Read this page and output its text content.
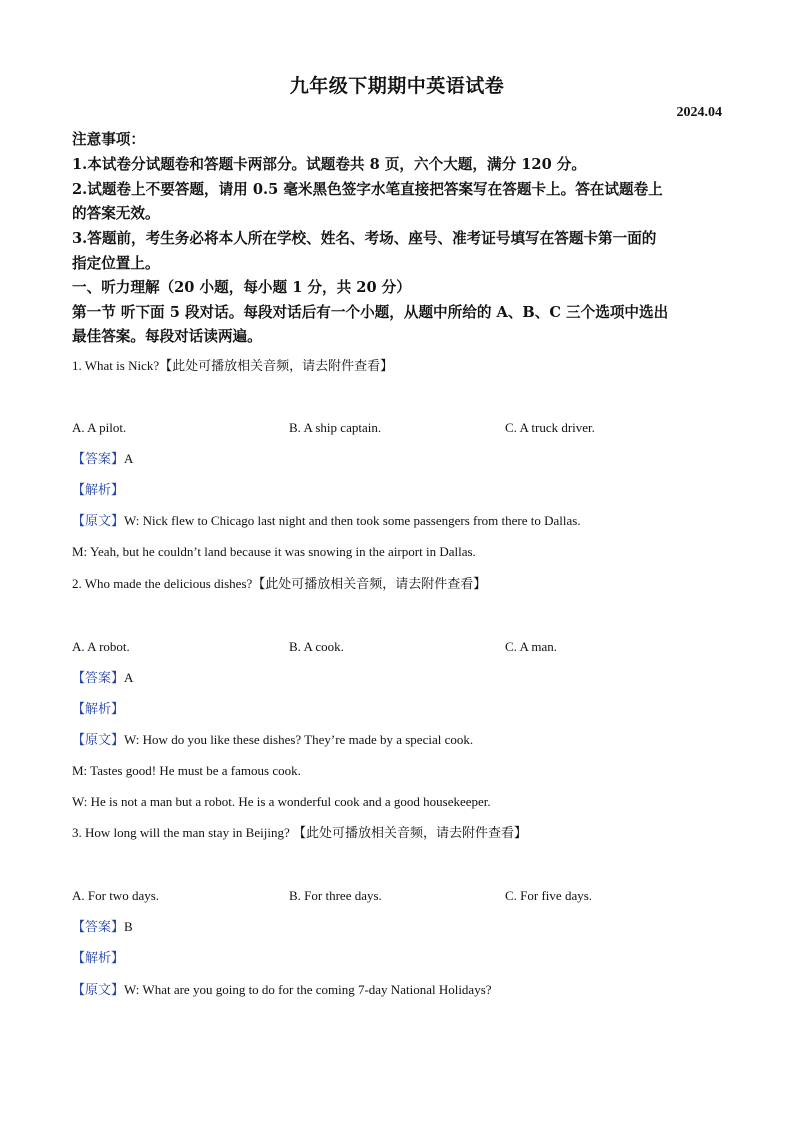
九年级下期期中英语试卷
2024.04
注意事项：
1.本试卷分试题卷和答题卡两部分。试题卷共 8 页，六个大题，满分 120 分。
2.试题卷上不要答题，请用 0.5 毫米黑色签字水笔直接把答案写在答题卡上。答在试题卷上
的答案无效。
3.答题前，考生务必将本人所在学校、姓名、考场、座号、准考证号填写在答题卡第一面的
指定位置上。
一、听力理解（20 小题，每小题 1 分，共 20 分）
第一节 听下面 5 段对话。每段对话后有一个小题，从题中所给的 A、B、C 三个选项中选出
最佳答案。每段对话读两遍。
1. What is Nick?【此处可播放相关音频，请去附件查看】
A. A pilot.	B. A ship captain.	C. A truck driver.
【答案】A
【解析】
【原文】W: Nick flew to Chicago last night and then took some passengers from there to Dallas.
M: Yeah, but he couldn’t land because it was snowing in the airport in Dallas.
2. Who made the delicious dishes?【此处可播放相关音频，请去附件查看】
A. A robot.	B. A cook.	C. A man.
【答案】A
【解析】
【原文】W: How do you like these dishes? They’re made by a special cook.
M: Tastes good! He must be a famous cook.
W: He is not a man but a robot. He is a wonderful cook and a good housekeeper.
3. How long will the man stay in Beijing? 【此处可播放相关音频，请去附件查看】
A. For two days.	B. For three days.	C. For five days.
【答案】B
【解析】
【原文】W: What are you going to do for the coming 7-day National Holidays?
